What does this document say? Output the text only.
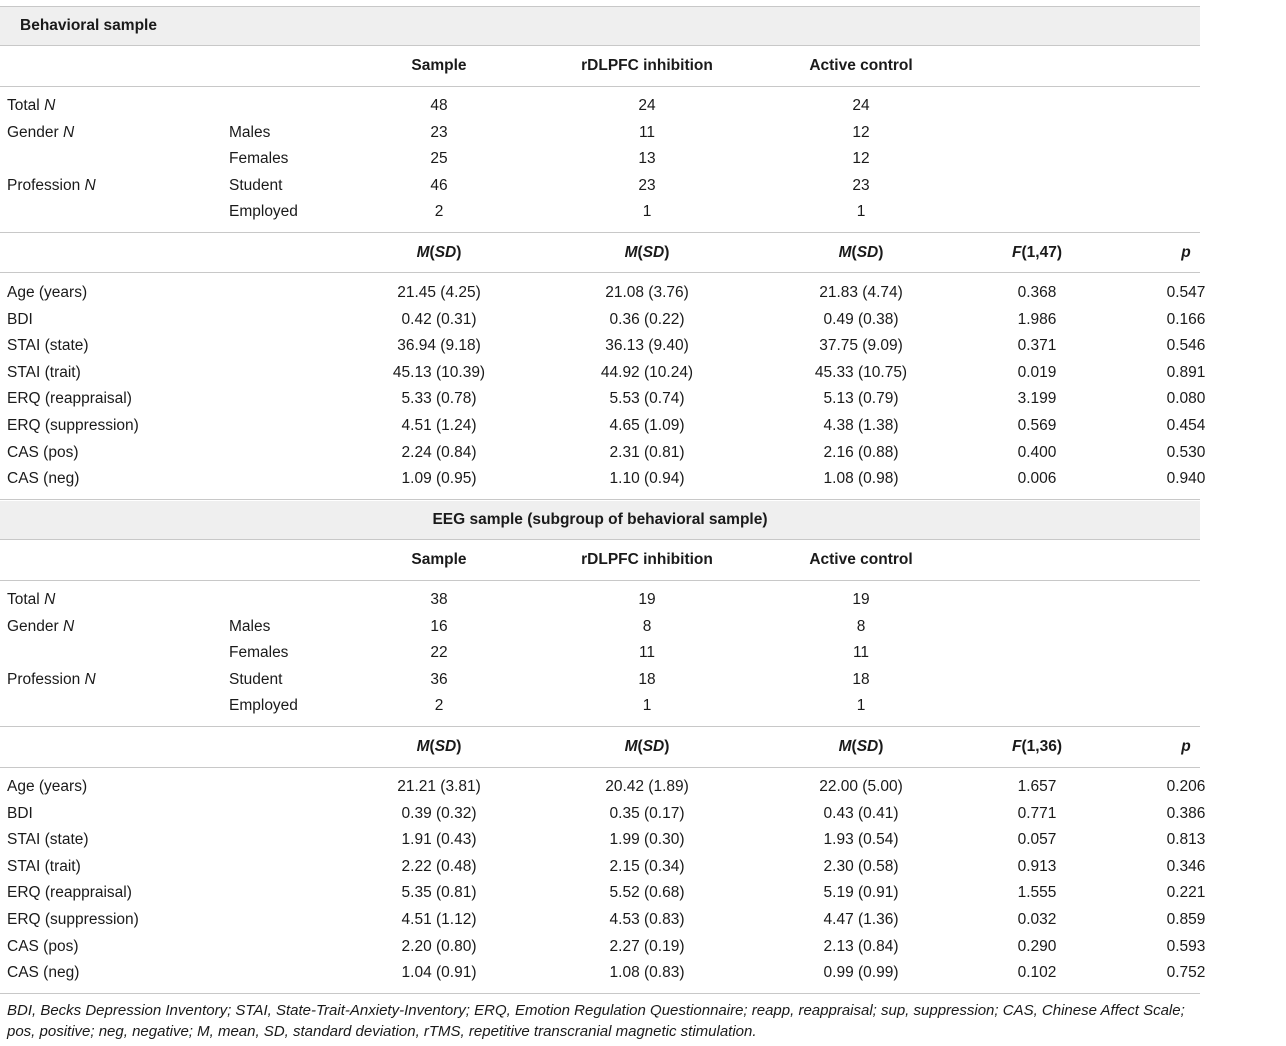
Behavioral sample
Sample	rDLPFC inhibition	Active control
Total N	48	24	24
Gender N	Males	23	11	12
Females	25	13	12
Profession N	Student	46	23	23
Employed	2	1	1
M(SD)	M(SD)	M(SD)	F(1,47)	p
Age (years)	21.45 (4.25)	21.08 (3.76)	21.83 (4.74)	0.368	0.547
BDI	0.42 (0.31)	0.36 (0.22)	0.49 (0.38)	1.986	0.166
STAI (state)	36.94 (9.18)	36.13 (9.40)	37.75 (9.09)	0.371	0.546
STAI (trait)	45.13 (10.39)	44.92 (10.24)	45.33 (10.75)	0.019	0.891
ERQ (reappraisal)	5.33 (0.78)	5.53 (0.74)	5.13 (0.79)	3.199	0.080
ERQ (suppression)	4.51 (1.24)	4.65 (1.09)	4.38 (1.38)	0.569	0.454
CAS (pos)	2.24 (0.84)	2.31 (0.81)	2.16 (0.88)	0.400	0.530
CAS (neg)	1.09 (0.95)	1.10 (0.94)	1.08 (0.98)	0.006	0.940
EEG sample (subgroup of behavioral sample)
Sample	rDLPFC inhibition	Active control
Total N	38	19	19
Gender N	Males	16	8	8
Females	22	11	11
Profession N	Student	36	18	18
Employed	2	1	1
M(SD)	M(SD)	M(SD)	F(1,36)	p
Age (years)	21.21 (3.81)	20.42 (1.89)	22.00 (5.00)	1.657	0.206
BDI	0.39 (0.32)	0.35 (0.17)	0.43 (0.41)	0.771	0.386
STAI (state)	1.91 (0.43)	1.99 (0.30)	1.93 (0.54)	0.057	0.813
STAI (trait)	2.22 (0.48)	2.15 (0.34)	2.30 (0.58)	0.913	0.346
ERQ (reappraisal)	5.35 (0.81)	5.52 (0.68)	5.19 (0.91)	1.555	0.221
ERQ (suppression)	4.51 (1.12)	4.53 (0.83)	4.47 (1.36)	0.032	0.859
CAS (pos)	2.20 (0.80)	2.27 (0.19)	2.13 (0.84)	0.290	0.593
CAS (neg)	1.04 (0.91)	1.08 (0.83)	0.99 (0.99)	0.102	0.752
BDI, Becks Depression Inventory; STAI, State-Trait-Anxiety-Inventory; ERQ, Emotion Regulation Questionnaire; reapp, reappraisal; sup, suppression; CAS, Chinese Affect Scale; pos, positive; neg, negative; M, mean, SD, standard deviation, rTMS, repetitive transcranial magnetic stimulation.
